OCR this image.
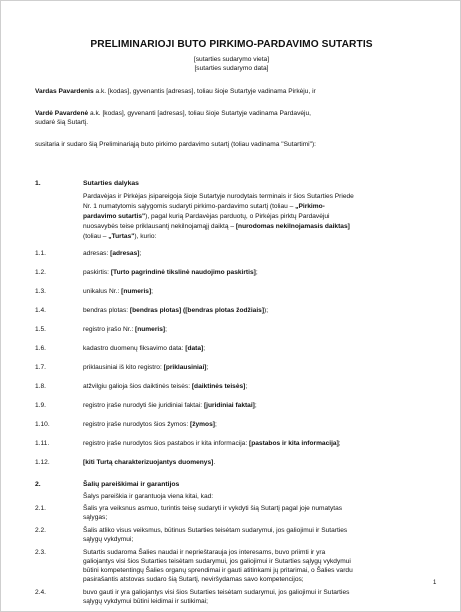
PRELIMINARIOJI BUTO PIRKIMO-PARDAVIMO SUTARTIS
[sutarties sudarymo vieta]
[sutarties sudarymo data]
Vardas Pavardenis a.k. [kodas], gyvenantis [adresas], toliau šioje Sutartyje vadinama Pirkėju, ir
Vardė Pavardenė a.k. [kodas], gyvenanti [adresas], toliau šioje Sutartyje vadinama Pardavėju,
sudarė šią Sutartį.
susitaria ir sudaro šią Preliminariąją buto pirkimo pardavimo sutartį (toliau vadinama "Sutartimi"):
1.	Sutarties dalykas
Pardavėjas ir Pirkėjas įsipareigoja šioje Sutartyje nurodytais terminais ir šios Sutarties Priede
Nr. 1 numatytomis sąlygomis sudaryti pirkimo-pardavimo sutartį (toliau – „Pirkimo-
pardavimo sutartis"), pagal kurią Pardavėjas parduotų, o Pirkėjas pirktų Pardavėjui
nuosavybės teise priklausantį nekilnojamąjį daiktą – [nurodomas nekilnojamasis daiktas]
(toliau – „Turtas"), kurio:
1.1.	adresas: [adresas];
1.2.	paskirtis: [Turto pagrindinė tikslinė naudojimo paskirtis];
1.3.	unikalus Nr.: [numeris];
1.4.	bendras plotas: [bendras plotas] ([bendras plotas žodžiais]);
1.5.	registro įrašo Nr.: [numeris];
1.6.	kadastro duomenų fiksavimo data: [data];
1.7.	priklausiniai iš kito registro: [priklausiniai];
1.8.	atžvilgiu galioja šios daiktinės teisės: [daiktinės teisės];
1.9.	registro įraše nurodyti šie juridiniai faktai: [juridiniai faktai];
1.10.	registro įraše nurodytos šios žymos: [žymos];
1.11.	registro įraše nurodytos šios pastabos ir kita informacija: [pastabos ir kita informacija];
1.12.	[kiti Turtą charakterizuojantys duomenys].
2.	Šalių pareiškimai ir garantijos
Šalys pareiškia ir garantuoja viena kitai, kad:
2.1.	Šalis yra veiksnus asmuo, turintis teisę sudaryti ir vykdyti šią Sutartį pagal joje numatytas
sąlygas;
2.2.	Šalis atliko visus veiksmus, būtinus Sutarties teisėtam sudarymui, jos galiojimui ir Sutarties
sąlygų vykdymui;
2.3.	Sutartis sudaroma Šalies naudai ir neprieštarauja jos interesams, buvo priimti ir yra
galiojantys visi šios Sutarties teisėtam sudarymui, jos galiojimui ir Sutarties sąlygų vykdymui
būtini kompetentingų Šalies organų sprendimai ir gauti atitinkami jų pritarimai, o Šalies vardu
pasirašantis atstovas sudaro šią Sutartį, neviršydamas savo kompetencijos;
2.4.	buvo gauti ir yra galiojantys visi šios Sutarties teisėtam sudarymui, jos galiojimui ir Sutarties
sąlygų vykdymui būtini leidimai ir sutikimai;
1
